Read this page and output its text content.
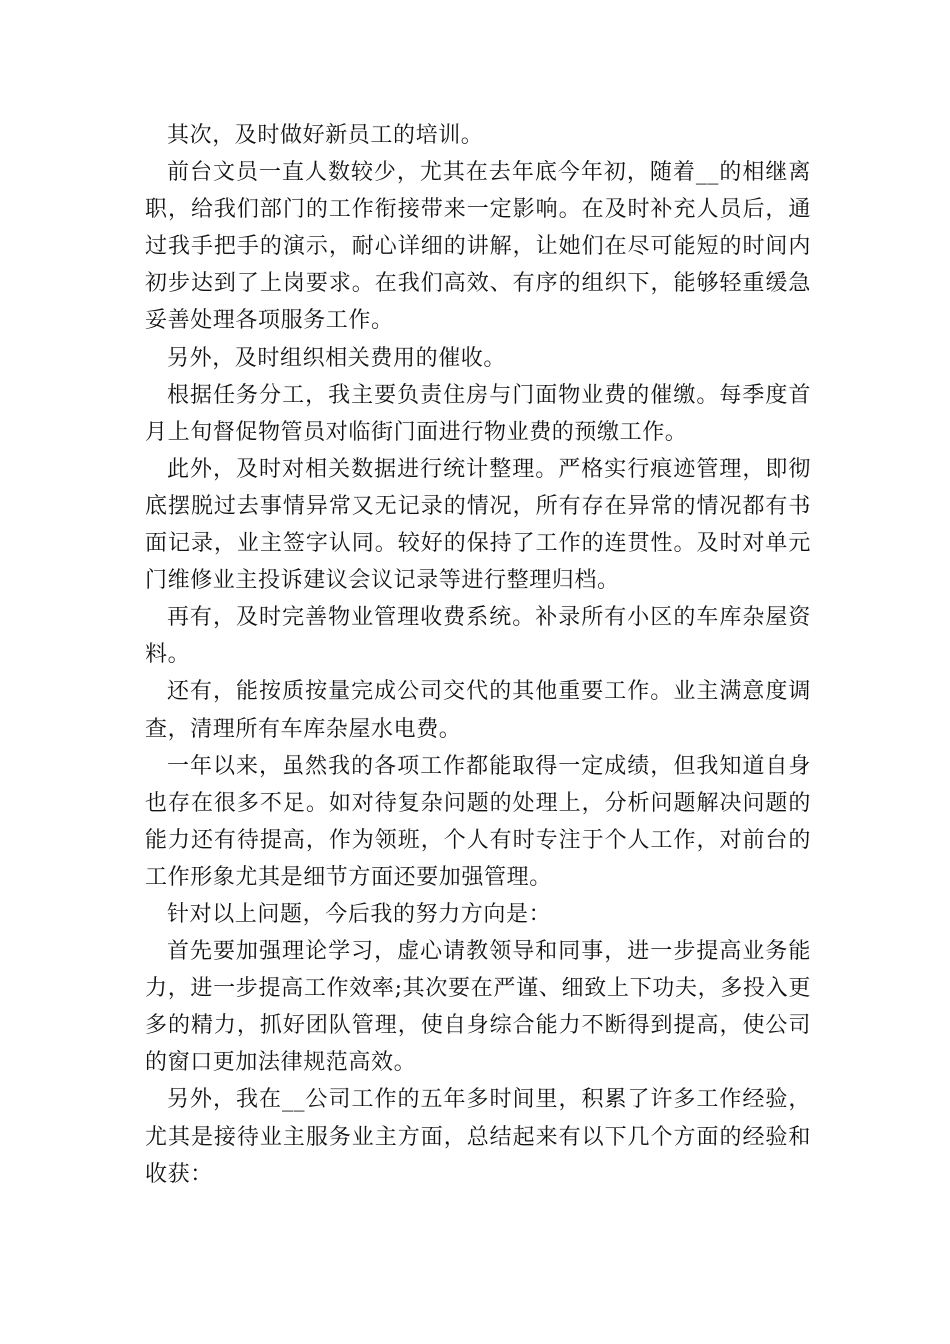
其次，及时做好新员工的培训。

前台文员一直人数较少，尤其在去年底今年初，随着__的相继离职，给我们部门的工作衔接带来一定影响。在及时补充人员后，通过我手把手的演示，耐心详细的讲解，让她们在尽可能短的时间内初步达到了上岗要求。在我们高效、有序的组织下，能够轻重缓急妥善处理各项服务工作。

另外，及时组织相关费用的催收。

根据任务分工，我主要负责住房与门面物业费的催缴。每季度首月上旬督促物管员对临街门面进行物业费的预缴工作。

此外，及时对相关数据进行统计整理。严格实行痕迹管理，即彻底摆脱过去事情异常又无记录的情况，所有存在异常的情况都有书面记录，业主签字认同。较好的保持了工作的连贯性。及时对单元门维修业主投诉建议会议记录等进行整理归档。

再有，及时完善物业管理收费系统。补录所有小区的车库杂屋资料。

还有，能按质按量完成公司交代的其他重要工作。业主满意度调查，清理所有车库杂屋水电费。

一年以来，虽然我的各项工作都能取得一定成绩，但我知道自身也存在很多不足。如对待复杂问题的处理上，分析问题解决问题的能力还有待提高，作为领班，个人有时专注于个人工作，对前台的工作形象尤其是细节方面还要加强管理。

针对以上问题，今后我的努力方向是：

首先要加强理论学习，虚心请教领导和同事，进一步提高业务能力，进一步提高工作效率;其次要在严谨、细致上下功夫，多投入更多的精力，抓好团队管理，使自身综合能力不断得到提高，使公司的窗口更加法律规范高效。

另外，我在__公司工作的五年多时间里，积累了许多工作经验，尤其是接待业主服务业主方面，总结起来有以下几个方面的经验和收获：
